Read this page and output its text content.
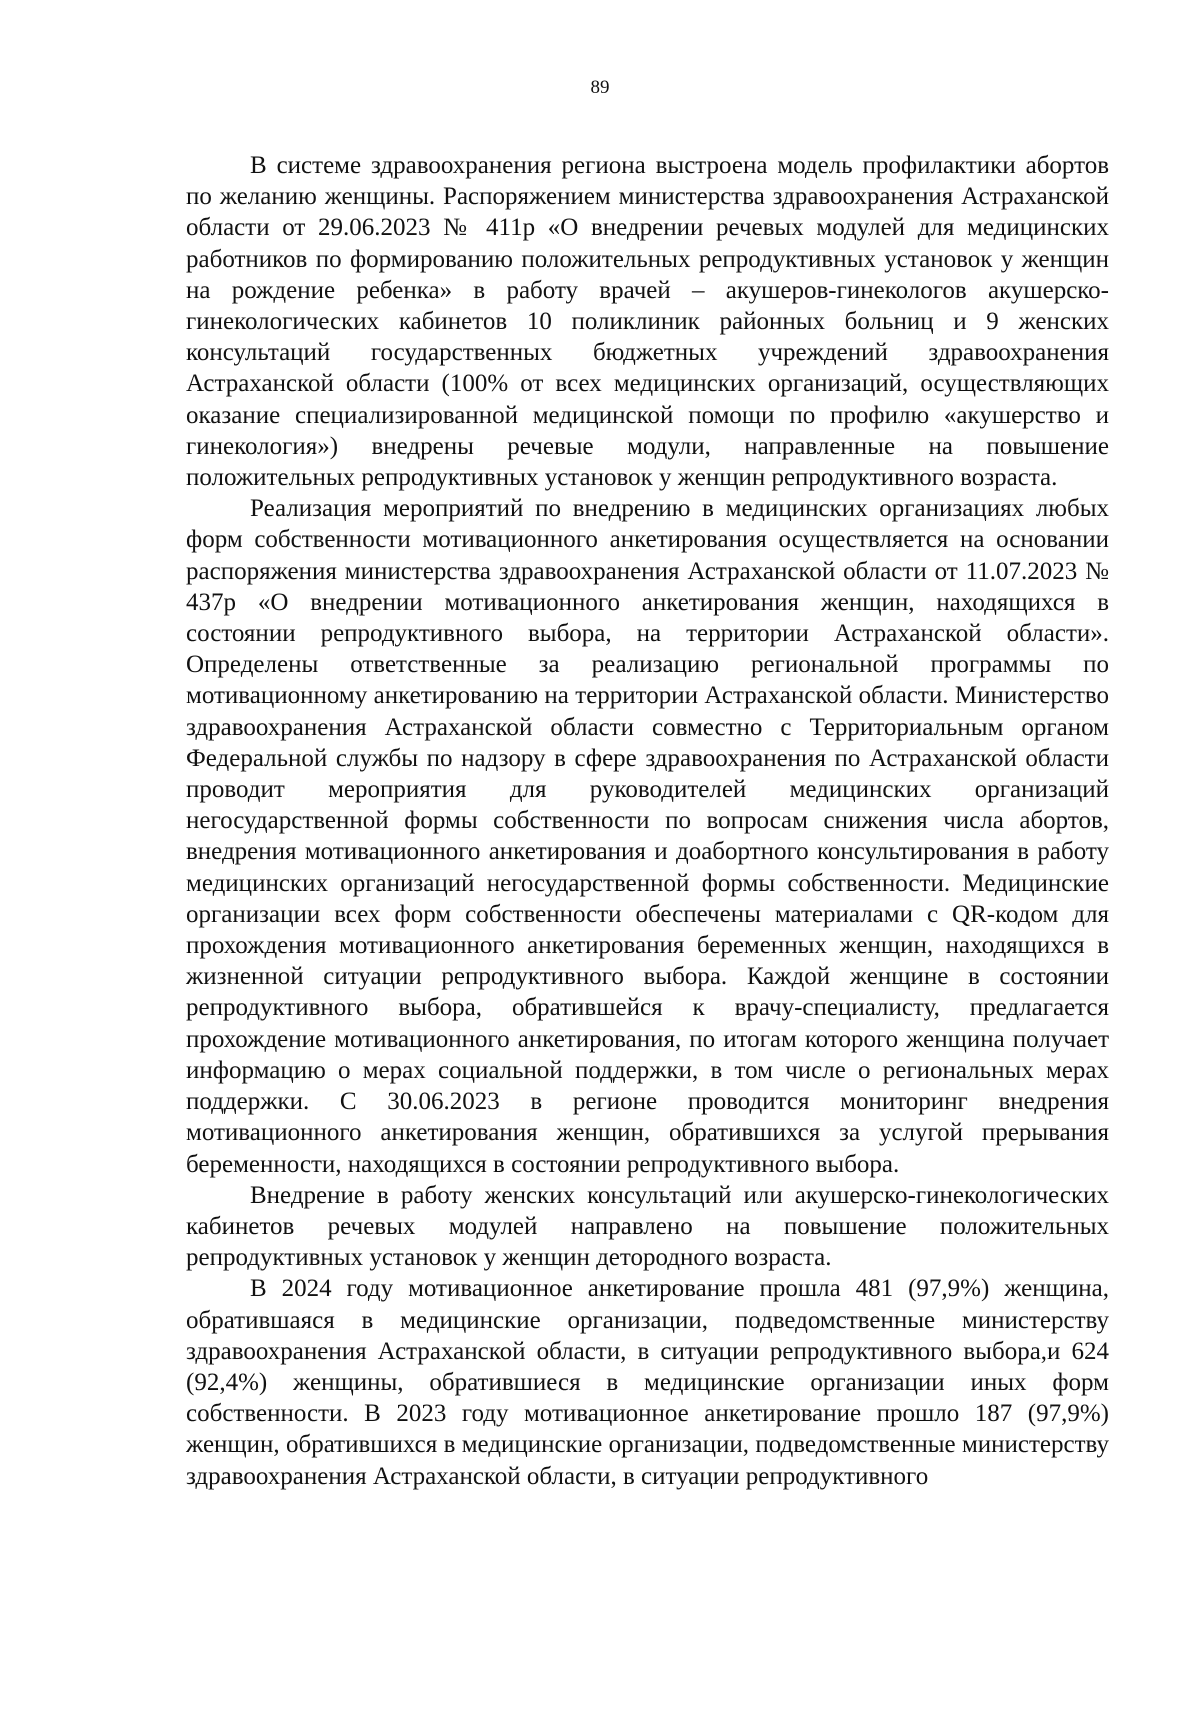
89

В системе здравоохранения региона выстроена модель профилактики абортов по желанию женщины. Распоряжением министерства здравоохранения Астраханской области от 29.06.2023 № 411р «О внедрении речевых модулей для медицинских работников по формированию положительных репродуктивных установок у женщин на рождение ребенка» в работу врачей – акушеров-гинекологов акушерско-гинекологических кабинетов 10 поликлиник районных больниц и 9 женских консультаций государственных бюджетных учреждений здравоохранения Астраханской области (100% от всех медицинских организаций, осуществляющих оказание специализированной медицинской помощи по профилю «акушерство и гинекология») внедрены речевые модули, направленные на повышение положительных репродуктивных установок у женщин репродуктивного возраста.

Реализация мероприятий по внедрению в медицинских организациях любых форм собственности мотивационного анкетирования осуществляется на основании распоряжения министерства здравоохранения Астраханской области от 11.07.2023 № 437р «О внедрении мотивационного анкетирования женщин, находящихся в состоянии репродуктивного выбора, на территории Астраханской области». Определены ответственные за реализацию региональной программы по мотивационному анкетированию на территории Астраханской области. Министерство здравоохранения Астраханской области совместно с Территориальным органом Федеральной службы по надзору в сфере здравоохранения по Астраханской области проводит мероприятия для руководителей медицинских организаций негосударственной формы собственности по вопросам снижения числа абортов, внедрения мотивационного анкетирования и доабортного консультирования в работу медицинских организаций негосударственной формы собственности. Медицинские организации всех форм собственности обеспечены материалами с QR-кодом для прохождения мотивационного анкетирования беременных женщин, находящихся в жизненной ситуации репродуктивного выбора. Каждой женщине в состоянии репродуктивного выбора, обратившейся к врачу-специалисту, предлагается прохождение мотивационного анкетирования, по итогам которого женщина получает информацию о мерах социальной поддержки, в том числе о региональных мерах поддержки. С 30.06.2023 в регионе проводится мониторинг внедрения мотивационного анкетирования женщин, обратившихся за услугой прерывания беременности, находящихся в состоянии репродуктивного выбора.

Внедрение в работу женских консультаций или акушерско-гинекологических кабинетов речевых модулей направлено на повышение положительных репродуктивных установок у женщин детородного возраста.

В 2024 году мотивационное анкетирование прошла 481 (97,9%) женщина, обратившаяся в медицинские организации, подведомственные министерству здравоохранения Астраханской области, в ситуации репродуктивного выбора,и 624 (92,4%) женщины, обратившиеся в медицинские организации иных форм собственности. В 2023 году мотивационное анкетирование прошло 187 (97,9%) женщин, обратившихся в медицинские организации, подведомственные министерству здравоохранения Астраханской области, в ситуации репродуктивного
